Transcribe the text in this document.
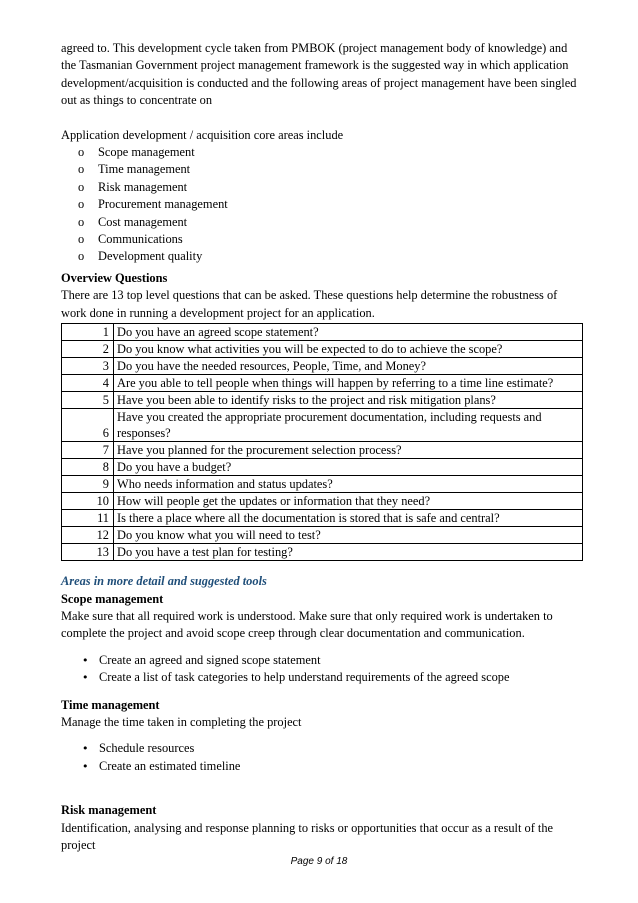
agreed to. This development cycle taken from PMBOK (project management body of knowledge) and the Tasmanian Government project management framework is the suggested way in which application development/acquisition is conducted and the following areas of project management have been singled out as things to concentrate on

Application development / acquisition core areas include

o Scope management
o Time management
o Risk management
o Procurement management
o Cost management
o Communications
o Development quality

Overview Questions

There are 13 top level questions that can be asked. These questions help determine the robustness of work done in running a development project for an application.

1	Do you have an agreed scope statement?
2	Do you know what activities you will be expected to do to achieve the scope?
3	Do you have the needed resources, People, Time, and Money?
4	Are you able to tell people when things will happen by referring to a time line estimate?
5	Have you been able to identify risks to the project and risk mitigation plans?
6	Have you created the appropriate procurement documentation, including requests and responses?
7	Have you planned for the procurement selection process?
8	Do you have a budget?
9	Who needs information and status updates?
10	How will people get the updates or information that they need?
11	Is there a place where all the documentation is stored that is safe and central?
12	Do you know what you will need to test?
13	Do you have a test plan for testing?

Areas in more detail and suggested tools

Scope management

Make sure that all required work is understood. Make sure that only required work is undertaken to complete the project and avoid scope creep through clear documentation and communication.

• Create an agreed and signed scope statement
• Create a list of task categories to help understand requirements of the agreed scope

Time management

Manage the time taken in completing the project

• Schedule resources
• Create an estimated timeline

Risk management

Identification, analysing and response planning to risks or opportunities that occur as a result of the project

Page 9 of 18
